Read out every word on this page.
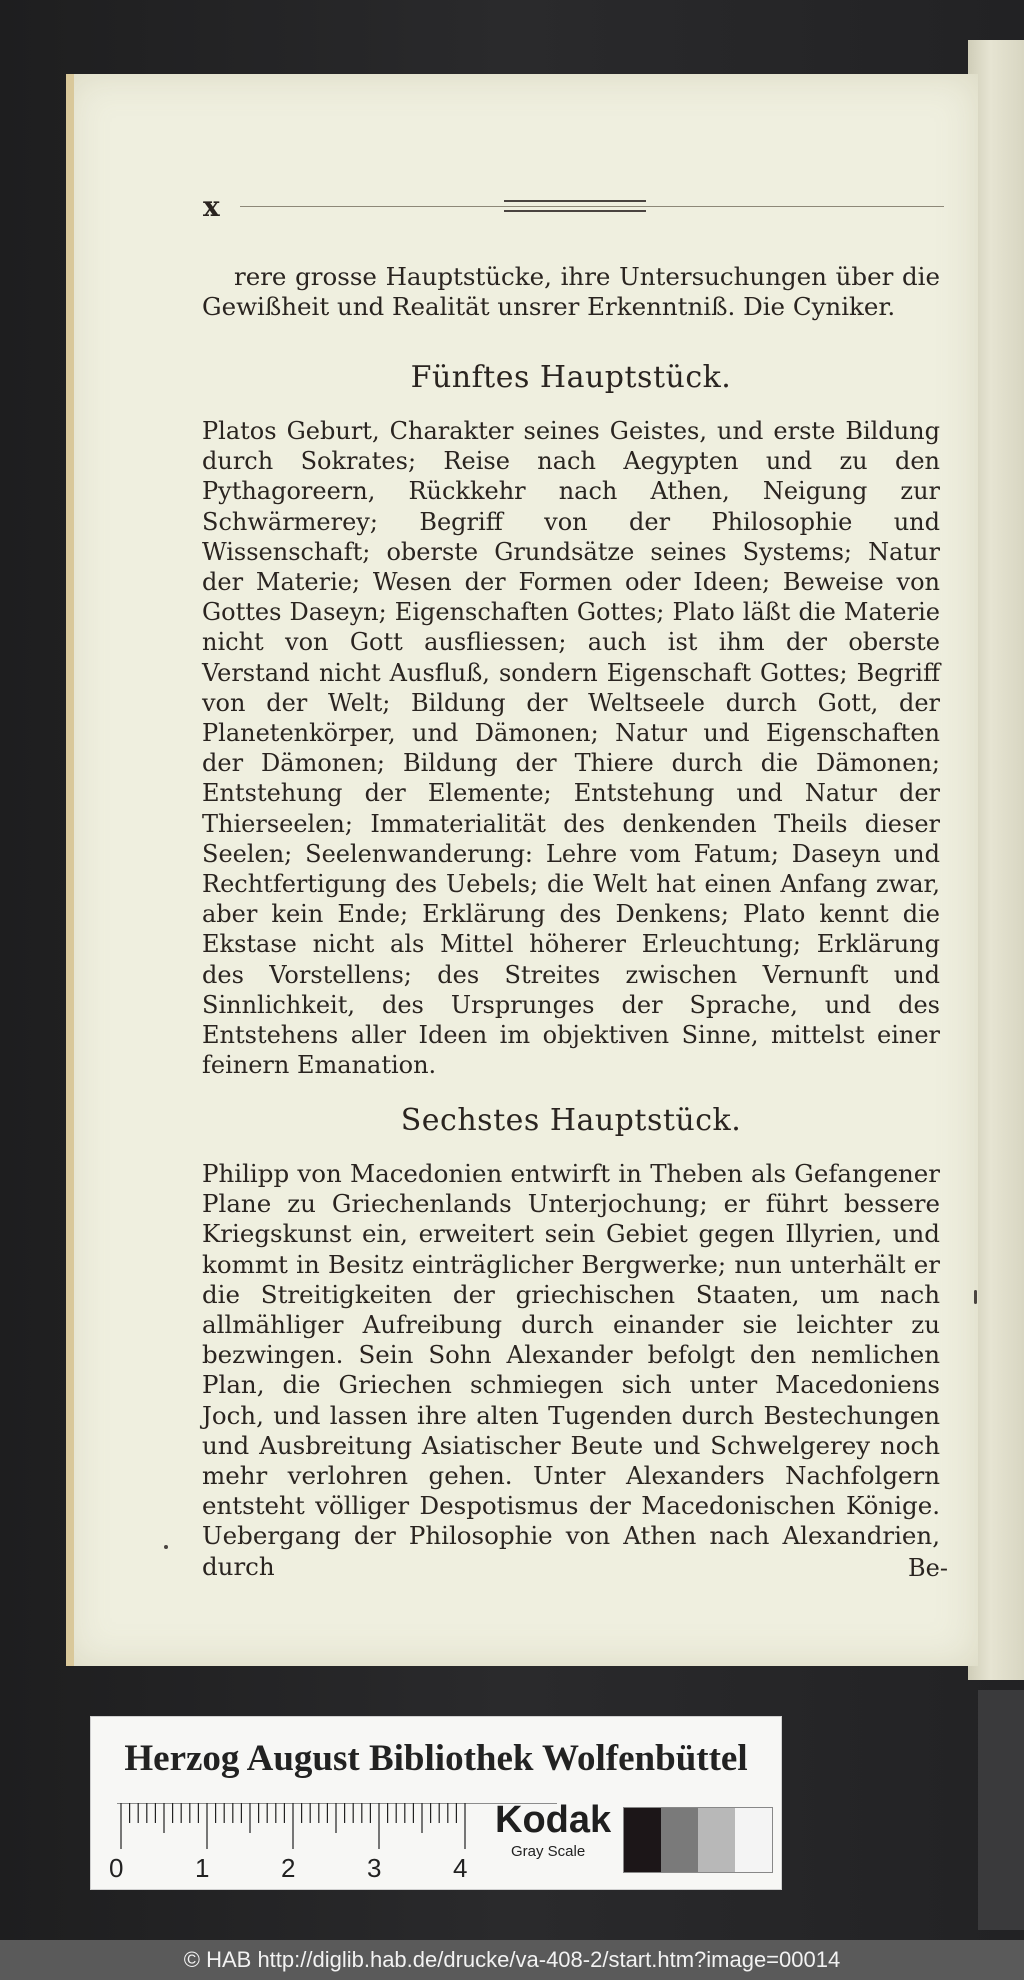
x
rere grosse Hauptstücke, ihre Untersuchungen über die Gewißheit und Realität unsrer Erkenntniß. Die Cyniker.
Fünftes Hauptstück.
Platos Geburt, Charakter seines Geistes, und erste Bildung durch Sokrates; Reise nach Aegypten und zu den Pythagoreern, Rückkehr nach Athen, Neigung zur Schwärmerey; Begriff von der Philosophie und Wissenschaft; oberste Grundsätze seines Systems; Natur der Materie; Wesen der Formen oder Ideen; Beweise von Gottes Daseyn; Eigenschaften Gottes; Plato läßt die Materie nicht von Gott ausfliessen; auch ist ihm der oberste Verstand nicht Ausfluß, sondern Eigenschaft Gottes; Begriff von der Welt; Bildung der Weltseele durch Gott, der Planetenkörper, und Dämonen; Natur und Eigenschaften der Dämonen; Bildung der Thiere durch die Dämonen; Entstehung der Elemente; Entstehung und Natur der Thierseelen; Immaterialität des denkenden Theils dieser Seelen; Seelenwanderung: Lehre vom Fatum; Daseyn und Rechtfertigung des Uebels; die Welt hat einen Anfang zwar, aber kein Ende; Erklärung des Denkens; Plato kennt die Ekstase nicht als Mittel höherer Erleuchtung; Erklärung des Vorstellens; des Streites zwischen Vernunft und Sinnlichkeit, des Ursprunges der Sprache, und des Entstehens aller Ideen im objektiven Sinne, mittelst einer feinern Emanation.
Sechstes Hauptstück.
Philipp von Macedonien entwirft in Theben als Gefangener Plane zu Griechenlands Unterjochung; er führt bessere Kriegskunst ein, erweitert sein Gebiet gegen Illyrien, und kommt in Besitz einträglicher Bergwerke; nun unterhält er die Streitigkeiten der griechischen Staaten, um nach allmähliger Aufreibung durch einander sie leichter zu bezwingen. Sein Sohn Alexander befolgt den nemlichen Plan, die Griechen schmiegen sich unter Macedoniens Joch, und lassen ihre alten Tugenden durch Bestechungen und Ausbreitung Asiatischer Beute und Schwelgerey noch mehr verlohren gehen. Unter Alexanders Nachfolgern entsteht völliger Despotismus der Macedonischen Könige. Uebergang der Philosophie von Athen nach Alexandrien, durch	Be-
Herzog August Bibliothek Wolfenbüttel
0	1	2	3	4
Kodak
Gray Scale
© HAB http://diglib.hab.de/drucke/va-408-2/start.htm?image=00014
